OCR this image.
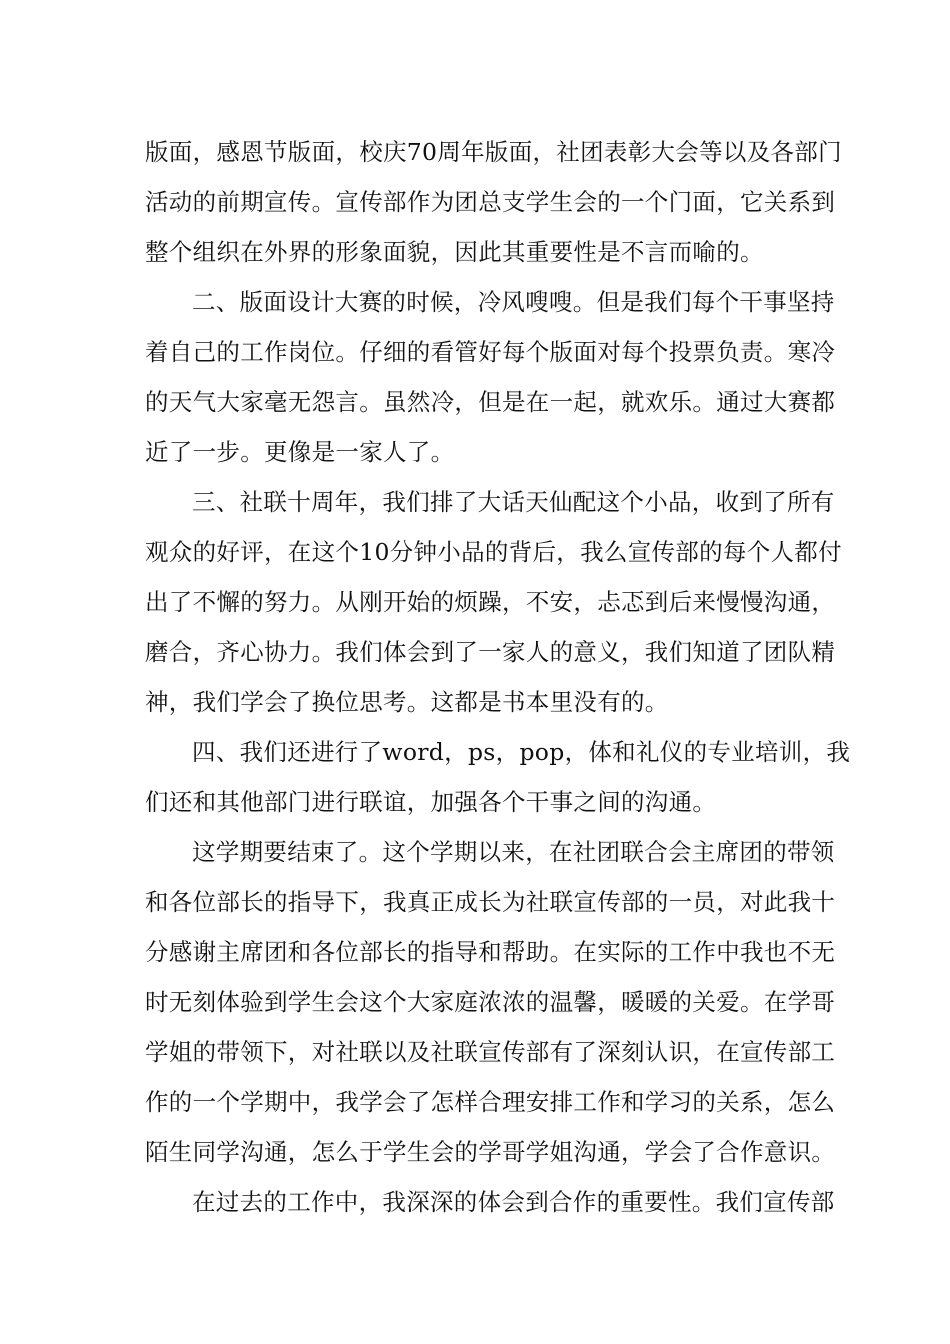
版面，感恩节版面，校庆70周年版面，社团表彰大会等以及各部门
活动的前期宣传。宣传部作为团总支学生会的一个门面，它关系到
整个组织在外界的形象面貌，因此其重要性是不言而喻的。
二、版面设计大赛的时候，冷风嗖嗖。但是我们每个干事坚持
着自己的工作岗位。仔细的看管好每个版面对每个投票负责。寒冷
的天气大家毫无怨言。虽然冷，但是在一起，就欢乐。通过大赛都
近了一步。更像是一家人了。
三、社联十周年，我们排了大话天仙配这个小品，收到了所有
观众的好评，在这个10分钟小品的背后，我么宣传部的每个人都付
出了不懈的努力。从刚开始的烦躁，不安，忐忑到后来慢慢沟通，
磨合，齐心协力。我们体会到了一家人的意义，我们知道了团队精
神，我们学会了换位思考。这都是书本里没有的。
四、我们还进行了word，ps，pop，体和礼仪的专业培训，我
们还和其他部门进行联谊，加强各个干事之间的沟通。
这学期要结束了。这个学期以来，在社团联合会主席团的带领
和各位部长的指导下，我真正成长为社联宣传部的一员，对此我十
分感谢主席团和各位部长的指导和帮助。在实际的工作中我也不无
时无刻体验到学生会这个大家庭浓浓的温馨，暖暖的关爱。在学哥
学姐的带领下，对社联以及社联宣传部有了深刻认识，在宣传部工
作的一个学期中，我学会了怎样合理安排工作和学习的关系，怎么
陌生同学沟通，怎么于学生会的学哥学姐沟通，学会了合作意识。
在过去的工作中，我深深的体会到合作的重要性。我们宣传部
